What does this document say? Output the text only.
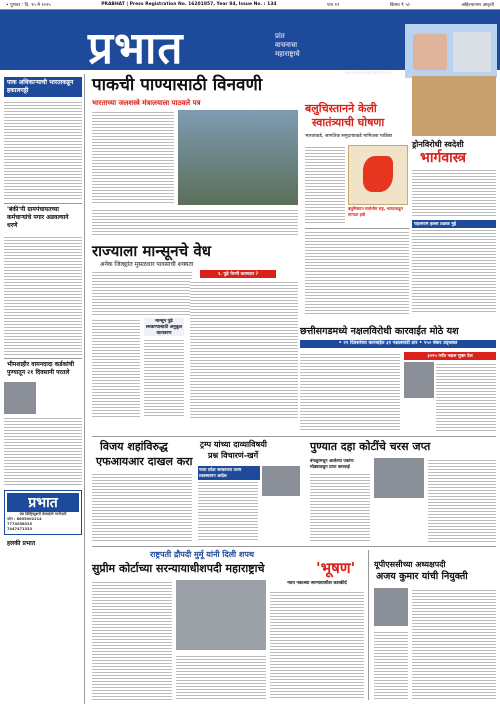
• पुणतर : दि. १५ मे २०२५	PRABHAT | Press Registration No. 16201857, Year 84, Issue No. : 134	पान १२	किंमत ₹ ५/-	अहिल्यानगर आवृत्ती
प्रभात	प्रांत
वाचनाचा
महाराष्ट्राचे
www.dainikprabhat.com
पाक अधिकाऱ्याची भारताकडून हकालपट्टी
'बंकी'पी ग्रामपंचायतच्या कर्मचाऱ्यांचे पगार अडवल्याने धरणे
भीमशाहीर वामनदादा कर्डकांची पुण्यातून २१ दिवसानी परतले
प्रभात
प्रेस डिस्ट्रिब्युशनी फ्रेंचाईजी भागीदारी
फोन : 8605002214
7774058025
7447471333
हलकी प्रभात
पाकची पाण्यासाठी विनवणी
भारताच्या जलशस्त्रे मंत्रालयाला पाठवले पत्र	बलुचिस्तानने केली
स्वातंत्र्याची घोषणा
भारताकडे, जागतिक समुदायाकडे मागितला पाठिंबा
बलुचिस्तान सार्वभौम राष्ट्र, भारताकडून मान्यता हवी
ड्रोनविरोधी स्वदेशी
भार्गवास्त्र
पहलगाम हल्ला ठळक मुद्दे
राज्याला मान्सूनचे वेध
अनेक जिल्ह्यांत मुसळधार पावसाची शक्यता
१. पुढे पेरणी करायला ?
मान्सून पुढे सरकण्यासाठी अनुकूल वातावरण	छत्तीसगडमध्ये नक्षलविरोधी कारवाईत मोठे यश
• २१ दिवसांच्या कारवाईत ३१ नक्षलवादी ठार • १५० बंकर उद्ध्वस्त
३०२५ पर्यंत नक्षल मुक्त देश
विजय शहांविरुद्ध
एफआयआर दाखल करा
ट्रम्प यांच्या दाव्याविषयी
प्रश्न विचारणं-खर्गे
नव्या प्रदेश सरकारला उत्तम व्यवस्थापन आदेश
पुण्यात दहा कोटींचे चरस जप्त
बंगळूरमधून आलेल्या एकांना मोठ्याकडून प्राप्त कारवाई
राष्ट्रपती द्रौपदी मुर्मू यांनी दिली शपथ
सुप्रीम कोर्टाच्या सरन्यायाधीशपदी महाराष्ट्राचे	'भूषण'
न्याय नकाश्र्या सरन्यायाधीश कारकीर्द
यूपीएससीच्या अध्यक्षपदी
अजय कुमार यांची नियुक्ती
